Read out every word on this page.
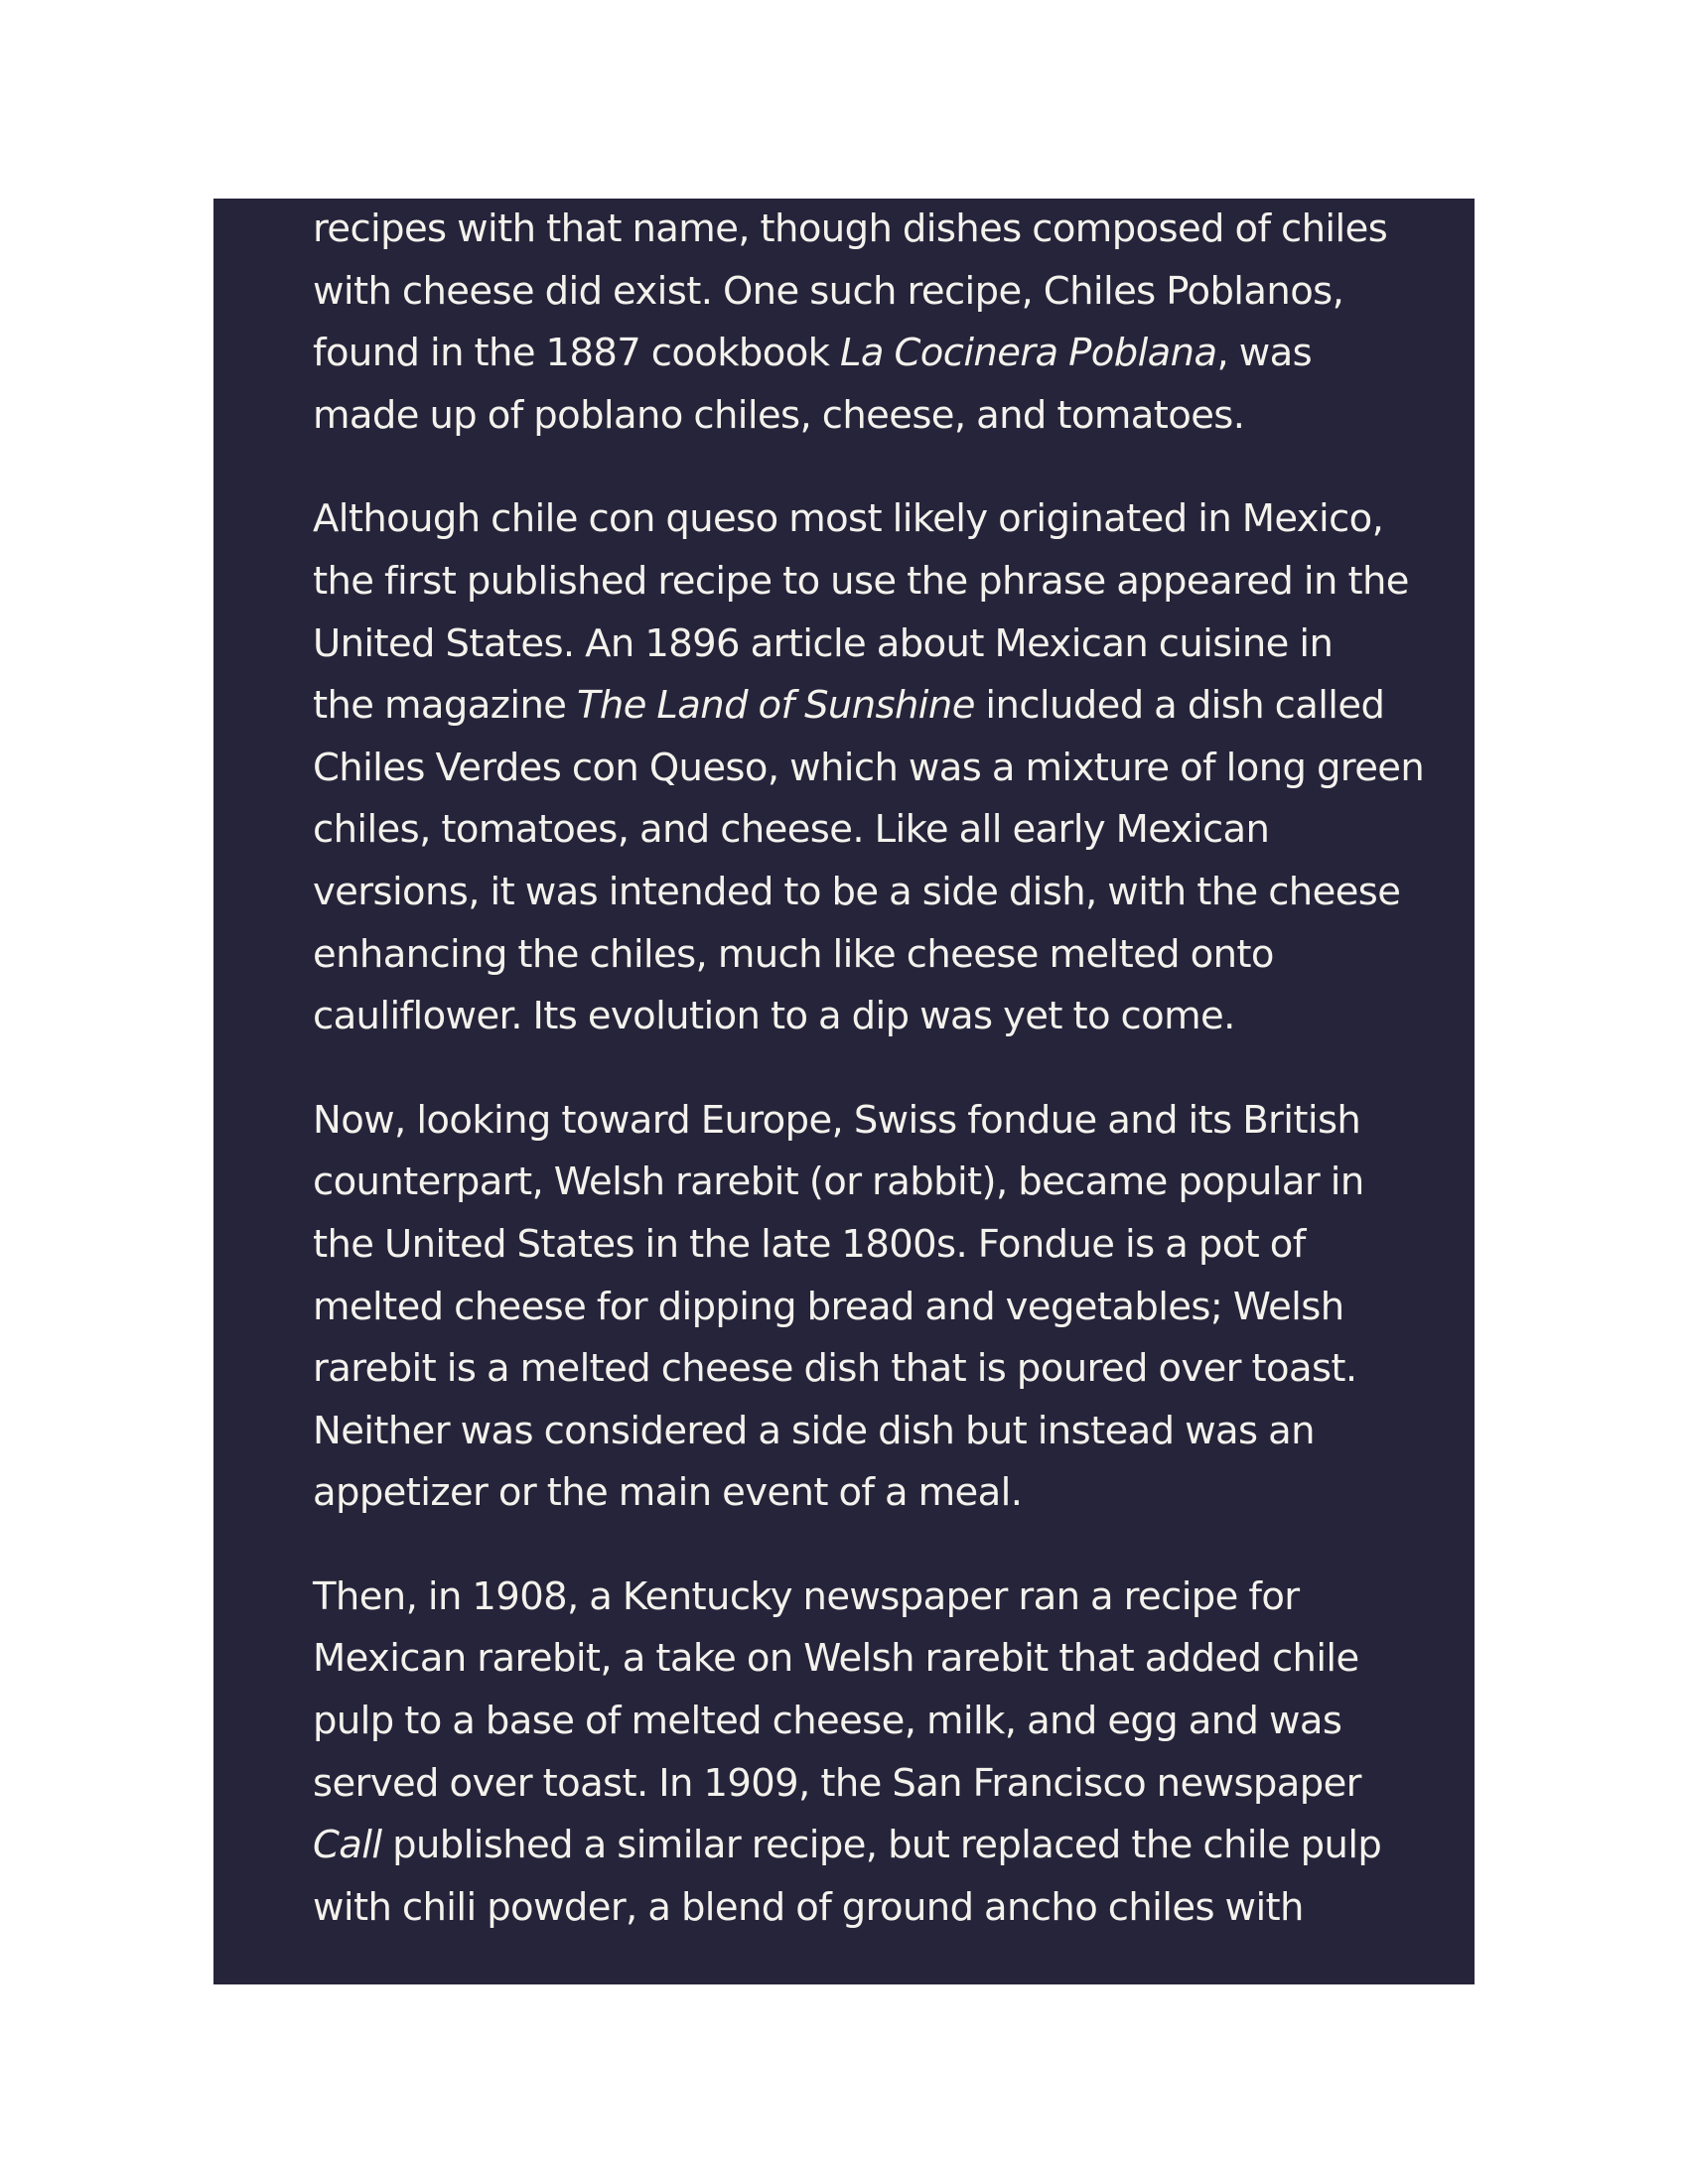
recipes with that name, though dishes composed of chiles
with cheese did exist. One such recipe, Chiles Poblanos,
found in the 1887 cookbook La Cocinera Poblana, was
made up of poblano chiles, cheese, and tomatoes.

Although chile con queso most likely originated in Mexico,
the first published recipe to use the phrase appeared in the
United States. An 1896 article about Mexican cuisine in
the magazine The Land of Sunshine included a dish called
Chiles Verdes con Queso, which was a mixture of long green
chiles, tomatoes, and cheese. Like all early Mexican
versions, it was intended to be a side dish, with the cheese
enhancing the chiles, much like cheese melted onto
cauliflower. Its evolution to a dip was yet to come.

Now, looking toward Europe, Swiss fondue and its British
counterpart, Welsh rarebit (or rabbit), became popular in
the United States in the late 1800s. Fondue is a pot of
melted cheese for dipping bread and vegetables; Welsh
rarebit is a melted cheese dish that is poured over toast.
Neither was considered a side dish but instead was an
appetizer or the main event of a meal.

Then, in 1908, a Kentucky newspaper ran a recipe for
Mexican rarebit, a take on Welsh rarebit that added chile
pulp to a base of melted cheese, milk, and egg and was
served over toast. In 1909, the San Francisco newspaper
Call published a similar recipe, but replaced the chile pulp
with chili powder, a blend of ground ancho chiles with
